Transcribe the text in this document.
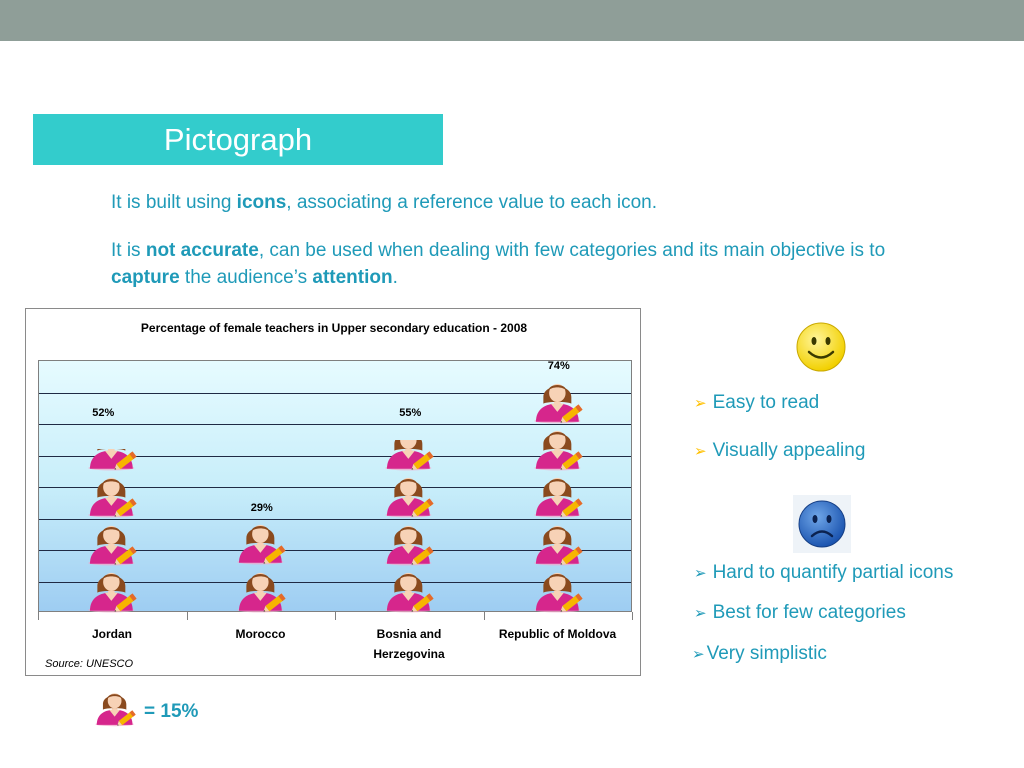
Pictograph

It is built using icons, associating a reference value to each icon.

It is not accurate, can be used when dealing with few categories and its main objective is to capture the audience’s attention.

Percentage of female teachers in Upper secondary education - 2008
52%
29%
55%
74%
Source: UNESCO
Jordan	Morocco	Bosnia and
Herzegovina
Republic of Moldova
= 15%
➢ Easy to read
➢ Visually appealing
➢ Hard to quantify partial icons
➢ Best for few categories
➢ Very simplistic
